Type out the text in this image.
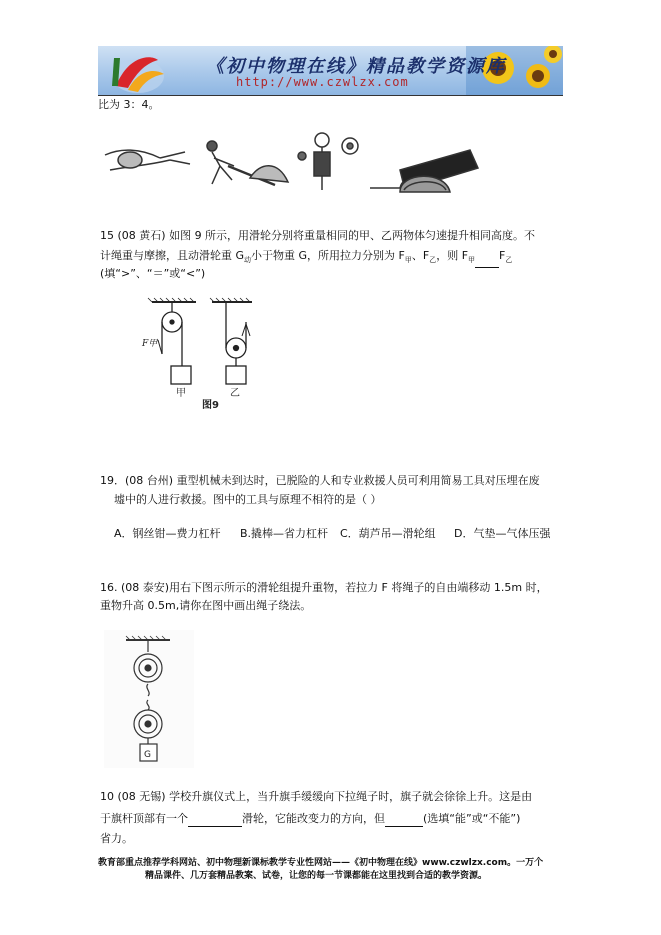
《初中物理在线》精品教学资源库
http://www.czwlzx.com
比为 3：4。
15 (08 黄石) 如图 9 所示，用滑轮分别将重量相同的甲、乙两物体匀速提升相同高度。不
计绳重与摩擦，且动滑轮重 $G_动$小于物重 G，所用拉力分别为 $F_甲$、$F_乙$，则 $F_甲$ $F_乙$
(填“>”、“＝”或“<”)
F甲
甲	乙
图9
19．(08 台州) 重型机械未到达时，已脱险的人和专业救援人员可利用简易工具对压埋在废
墟中的人进行救援。图中的工具与原理不相符的是（ ）
A．钢丝钳—费力杠杆 B.撬棒—省力杠杆 C．葫芦吊—滑轮组 D．气垫—气体压强
16. (08 泰安)用右下图示所示的滑轮组提升重物，若拉力 F 将绳子的自由端移动 1.5m 时，
重物升高 0.5m,请你在图中画出绳子绕法。
G
10 (08 无锡) 学校升旗仪式上，当升旗手缓缓向下拉绳子时，旗子就会徐徐上升。这是由
于旗杆顶部有一个	滑轮，它能改变力的方向，但	(选填“能”或“不能”)
省力。
教育部重点推荐学科网站、初中物理新课标教学专业性网站——《初中物理在线》www.czwlzx.com。一万个
精品课件、几万套精品教案、试卷，让您的每一节课都能在这里找到合适的教学资源。
